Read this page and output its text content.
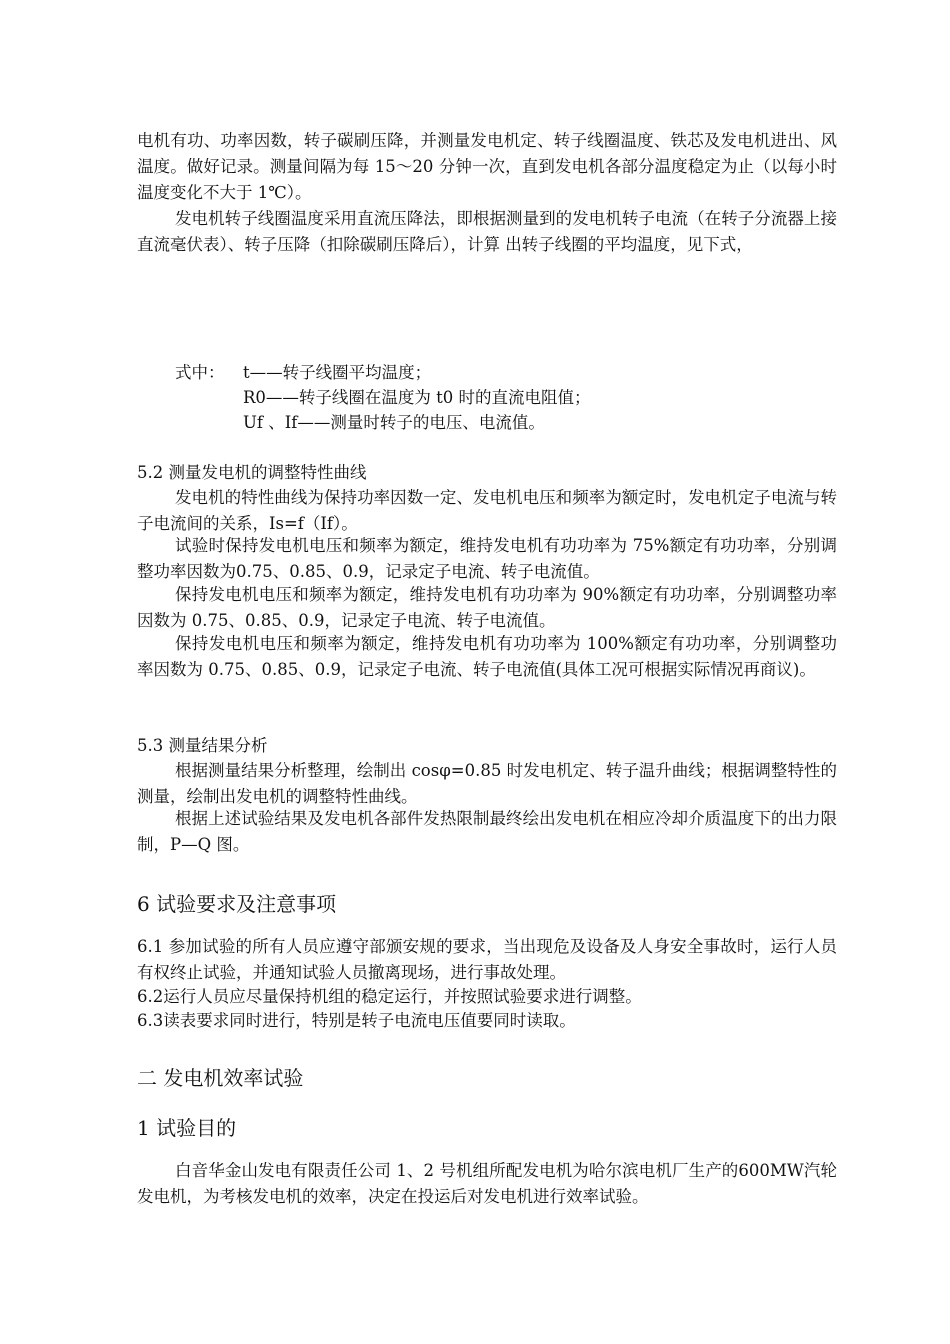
电机有功、功率因数，转子碳刷压降，并测量发电机定、转子线圈温度、铁芯及发电机进出、风温度。做好记录。测量间隔为每 15～20 分钟一次，直到发电机各部分温度稳定为止（以每小时温度变化不大于 1℃）。

发电机转子线圈温度采用直流压降法，即根据测量到的发电机转子电流（在转子分流器上接直流毫伏表）、转子压降（扣除碳刷压降后），计算 出转子线圈的平均温度，见下式，

式中： t——转子线圈平均温度；

R0——转子线圈在温度为 t0 时的直流电阻值；

Uf 、If——测量时转子的电压、电流值。

5.2 测量发电机的调整特性曲线

发电机的特性曲线为保持功率因数一定、发电机电压和频率为额定时，发电机定子电流与转子电流间的关系，Is=f（If）。

试验时保持发电机电压和频率为额定，维持发电机有功功率为 75%额定有功功率，分别调整功率因数为0.75、0.85、0.9，记录定子电流、转子电流值。

保持发电机电压和频率为额定，维持发电机有功功率为 90%额定有功功率，分别调整功率因数为 0.75、0.85、0.9，记录定子电流、转子电流值。

保持发电机电压和频率为额定，维持发电机有功功率为 100%额定有功功率，分别调整功率因数为 0.75、0.85、0.9，记录定子电流、转子电流值(具体工况可根据实际情况再商议)。

5.3 测量结果分析

根据测量结果分析整理，绘制出 cosφ=0.85 时发电机定、转子温升曲线；根据调整特性的测量，绘制出发电机的调整特性曲线。

根据上述试验结果及发电机各部件发热限制最终绘出发电机在相应冷却介质温度下的出力限制，P—Q 图。

6 试验要求及注意事项

6.1 参加试验的所有人员应遵守部颁安规的要求，当出现危及设备及人身安全事故时，运行人员有权终止试验，并通知试验人员撤离现场，进行事故处理。

6.2运行人员应尽量保持机组的稳定运行，并按照试验要求进行调整。

6.3读表要求同时进行，特别是转子电流电压值要同时读取。

二 发电机效率试验
1 试验目的

白音华金山发电有限责任公司 1、2 号机组所配发电机为哈尔滨电机厂生产的600MW汽轮发电机，为考核发电机的效率，决定在投运后对发电机进行效率试验。
